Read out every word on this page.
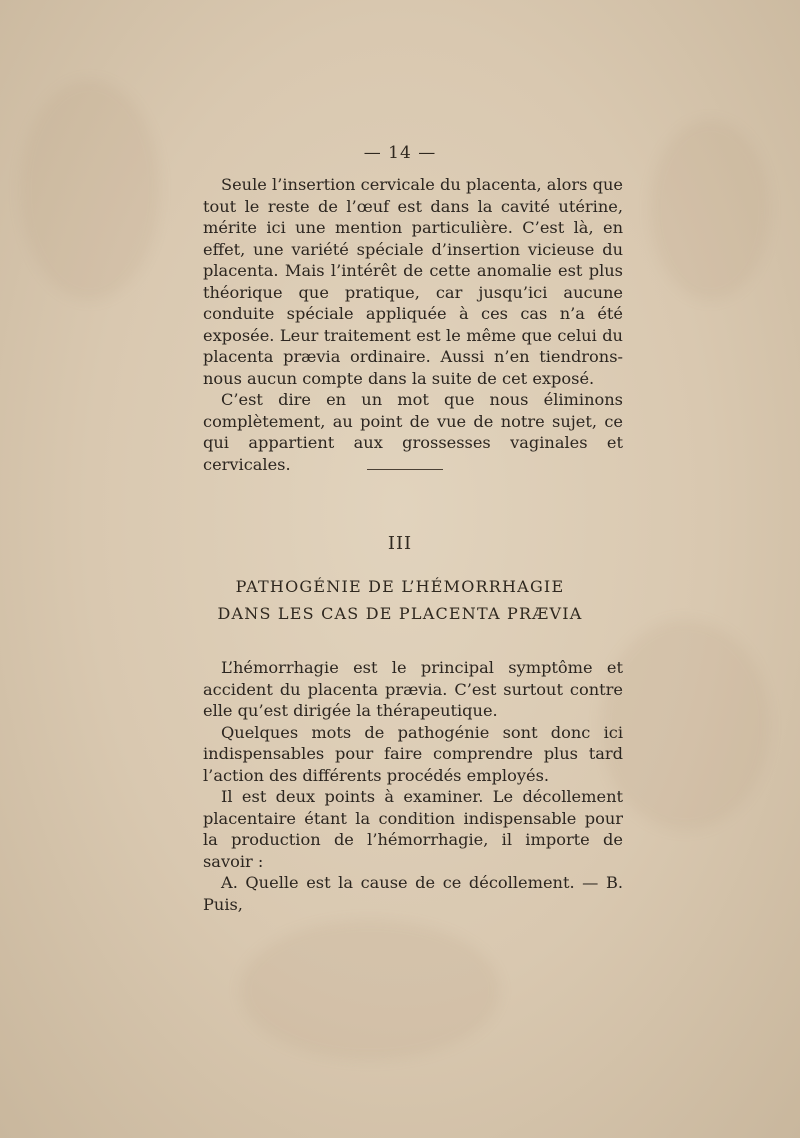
— 14 —

Seule l’insertion cervicale du placenta, alors que tout le reste de l’œuf est dans la cavité utérine, mérite ici une mention particulière. C’est là, en effet, une variété spéciale d’insertion vicieuse du placenta. Mais l’intérêt de cette anomalie est plus théorique que pratique, car jusqu’ici aucune conduite spéciale appliquée à ces cas n’a été exposée. Leur traitement est le même que celui du placenta prævia ordinaire. Aussi n’en tiendrons-nous aucun compte dans la suite de cet exposé.

C’est dire en un mot que nous éliminons complètement, au point de vue de notre sujet, ce qui appartient aux grossesses vaginales et cervicales.

III
PATHOGÉNIE DE L’HÉMORRHAGIE
DANS LES CAS DE PLACENTA PRÆVIA

L’hémorrhagie est le principal symptôme et accident du placenta prævia. C’est surtout contre elle qu’est dirigée la thérapeutique.

Quelques mots de pathogénie sont donc ici indispensables pour faire comprendre plus tard l’action des différents procédés employés.

Il est deux points à examiner. Le décollement placentaire étant la condition indispensable pour la production de l’hémorrhagie, il importe de savoir :

A. Quelle est la cause de ce décollement. — B. Puis,
